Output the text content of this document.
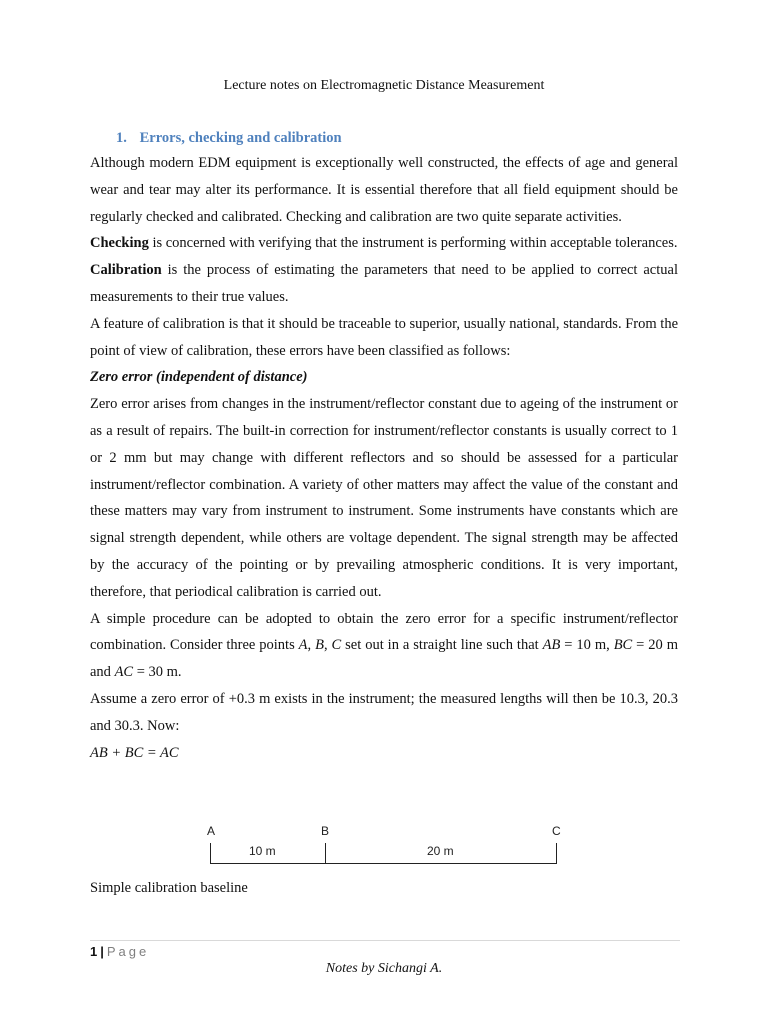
Lecture notes on Electromagnetic Distance Measurement
1. Errors, checking and calibration

Although modern EDM equipment is exceptionally well constructed, the effects of age and general wear and tear may alter its performance. It is essential therefore that all field equipment should be regularly checked and calibrated. Checking and calibration are two quite separate activities.

Checking is concerned with verifying that the instrument is performing within acceptable tolerances.

Calibration is the process of estimating the parameters that need to be applied to correct actual measurements to their true values.

A feature of calibration is that it should be traceable to superior, usually national, standards. From the point of view of calibration, these errors have been classified as follows:

Zero error (independent of distance)

Zero error arises from changes in the instrument/reflector constant due to ageing of the instrument or as a result of repairs. The built-in correction for instrument/reflector constants is usually correct to 1 or 2 mm but may change with different reflectors and so should be assessed for a particular instrument/reflector combination. A variety of other matters may affect the value of the constant and these matters may vary from instrument to instrument. Some instruments have constants which are signal strength dependent, while others are voltage dependent. The signal strength may be affected by the accuracy of the pointing or by prevailing atmospheric conditions. It is very important, therefore, that periodical calibration is carried out.

A simple procedure can be adopted to obtain the zero error for a specific instrument/reflector combination. Consider three points A, B, C set out in a straight line such that AB = 10 m, BC = 20 m and AC = 30 m.

Assume a zero error of +0.3 m exists in the instrument; the measured lengths will then be 10.3, 20.3 and 30.3. Now:

AB + BC = AC

A	B	C
10 m	20 m
Simple calibration baseline
1 | Page
Notes by Sichangi A.
